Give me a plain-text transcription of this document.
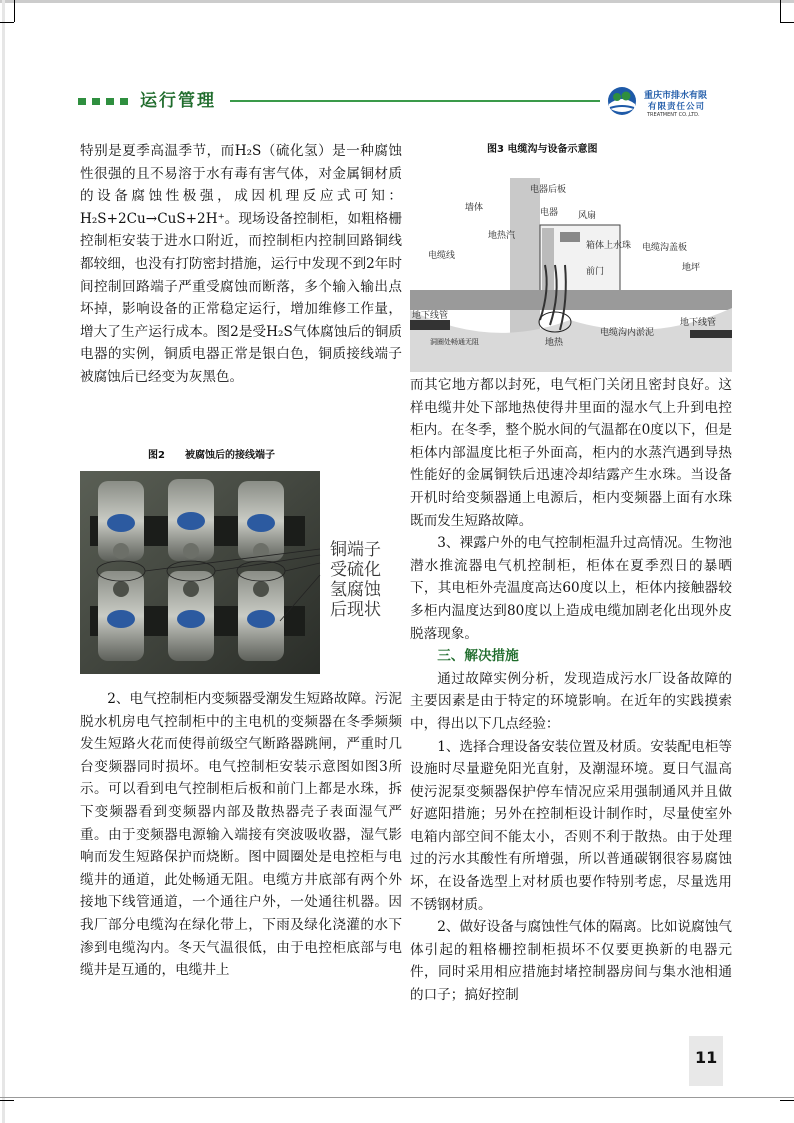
运行管理	重庆市排水有限
有限责任公司
TREATMENT CO.,LTD.

特别是夏季高温季节，而H₂S（硫化氢）是一种腐蚀性很强的且不易溶于水有毒有害气体，对金属铜材质的设备腐蚀性极强，成因机理反应式可知：H₂S+2Cu→CuS+2H⁺。现场设备控制柜，如粗格栅控制柜安装于进水口附近，而控制柜内控制回路铜线都较细，也没有打防密封措施，运行中发现不到2年时间控制回路端子严重受腐蚀而断落，多个输入输出点坏掉，影响设备的正常稳定运行，增加维修工作量，增大了生产运行成本。图2是受H₂S气体腐蚀后的铜质电器的实例，铜质电器正常是银白色，铜质接线端子被腐蚀后已经变为灰黑色。

图2　　被腐蚀后的接线端子
铜端子受硫化氢腐蚀后现状

2、电气控制柜内变频器受潮发生短路故障。污泥脱水机房电气控制柜中的主电机的变频器在冬季频频发生短路火花而使得前级空气断路器跳闸，严重时几台变频器同时损坏。电气控制柜安装示意图如图3所示。可以看到电气控制柜后板和前门上都是水珠，拆下变频器看到变频器内部及散热器壳子表面湿气严重。由于变频器电源输入端接有突波吸收器，湿气影响而发生短路保护而烧断。图中圆圈处是电控柜与电缆井的通道，此处畅通无阻。电缆方井底部有两个外接地下线管通道，一个通往户外，一处通往机器。因我厂部分电缆沟在绿化带上，下雨及绿化浇灌的水下渗到电缆沟内。冬天气温很低，由于电控柜底部与电缆井是互通的，电缆井上

图3 电缆沟与设备示意图
墙体
电器后板
电器 风扇
地热汽
电缆线
箱体上水珠
前门
电缆沟盖板
地坪
地下线管
洞圈处畅通无阻	地热
电缆沟内淤泥
地下线管

而其它地方都以封死，电气柜门关闭且密封良好。这样电缆井处下部地热使得井里面的湿水气上升到电控柜内。在冬季，整个脱水间的气温都在0度以下，但是柜体内部温度比柜子外面高，柜内的水蒸汽遇到导热性能好的金属铜铁后迅速冷却结露产生水珠。当设备开机时给变频器通上电源后，柜内变频器上面有水珠既而发生短路故障。

3、裸露户外的电气控制柜温升过高情况。生物池潜水推流器电气机控制柜，柜体在夏季烈日的暴晒下，其电柜外壳温度高达60度以上，柜体内接触器较多柜内温度达到80度以上造成电缆加剧老化出现外皮脱落现象。

三、解决措施

通过故障实例分析，发现造成污水厂设备故障的主要因素是由于特定的环境影响。在近年的实践摸索中，得出以下几点经验：

1、选择合理设备安装位置及材质。安装配电柜等设施时尽量避免阳光直射，及潮湿环境。夏日气温高使污泥泵变频器保护停车情况应采用强制通风并且做好遮阳措施；另外在控制柜设计制作时，尽量使室外电箱内部空间不能太小，否则不利于散热。由于处理过的污水其酸性有所增强，所以普通碳钢很容易腐蚀坏，在设备选型上对材质也要作特别考虑，尽量选用不锈钢材质。

2、做好设备与腐蚀性气体的隔离。比如说腐蚀气体引起的粗格栅控制柜损坏不仅要更换新的电器元件，同时采用相应措施封堵控制器房间与集水池相通的口子；搞好控制

11
